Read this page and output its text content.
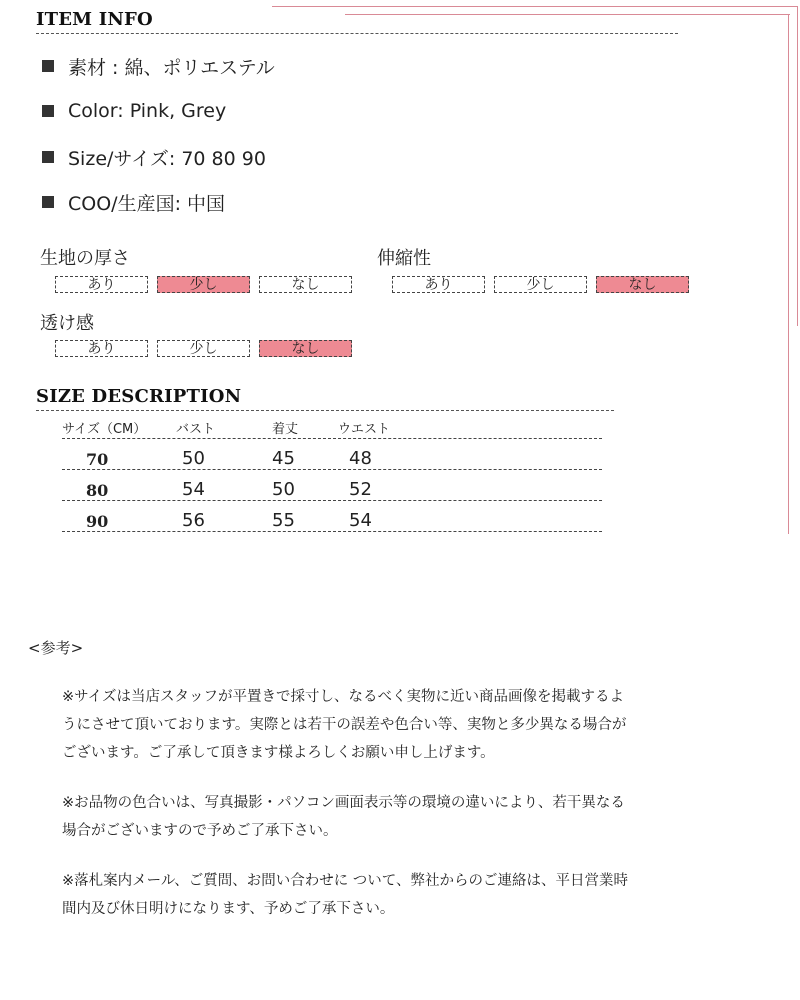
ITEM INFO
素材 : 綿、ポリエステル
Color: Pink, Grey
Size/サイズ: 70 80 90
COO/生産国: 中国
生地の厚さ
あり	少し	なし
伸縮性
あり	少し	なし
透け感
あり	少し	なし
SIZE DESCRIPTION
サイズ（CM） バスト	着丈	ウエスト
70	50	45	48
80	54	50	52
90	56	55	54
<参考>
※サイズは当店スタッフが平置きで採寸し、なるべく実物に近い商品画像を掲載するよ
うにさせて頂いております。実際とは若干の誤差や色合い等、実物と多少異なる場合が
ございます。ご了承して頂きます様よろしくお願い申し上げます。
※お品物の色合いは、写真撮影・パソコン画面表示等の環境の違いにより、若干異なる
場合がございますので予めご了承下さい。
※落札案内メール、ご質問、お問い合わせに ついて、弊社からのご連絡は、平日営業時
間内及び休日明けになります、予めご了承下さい。
